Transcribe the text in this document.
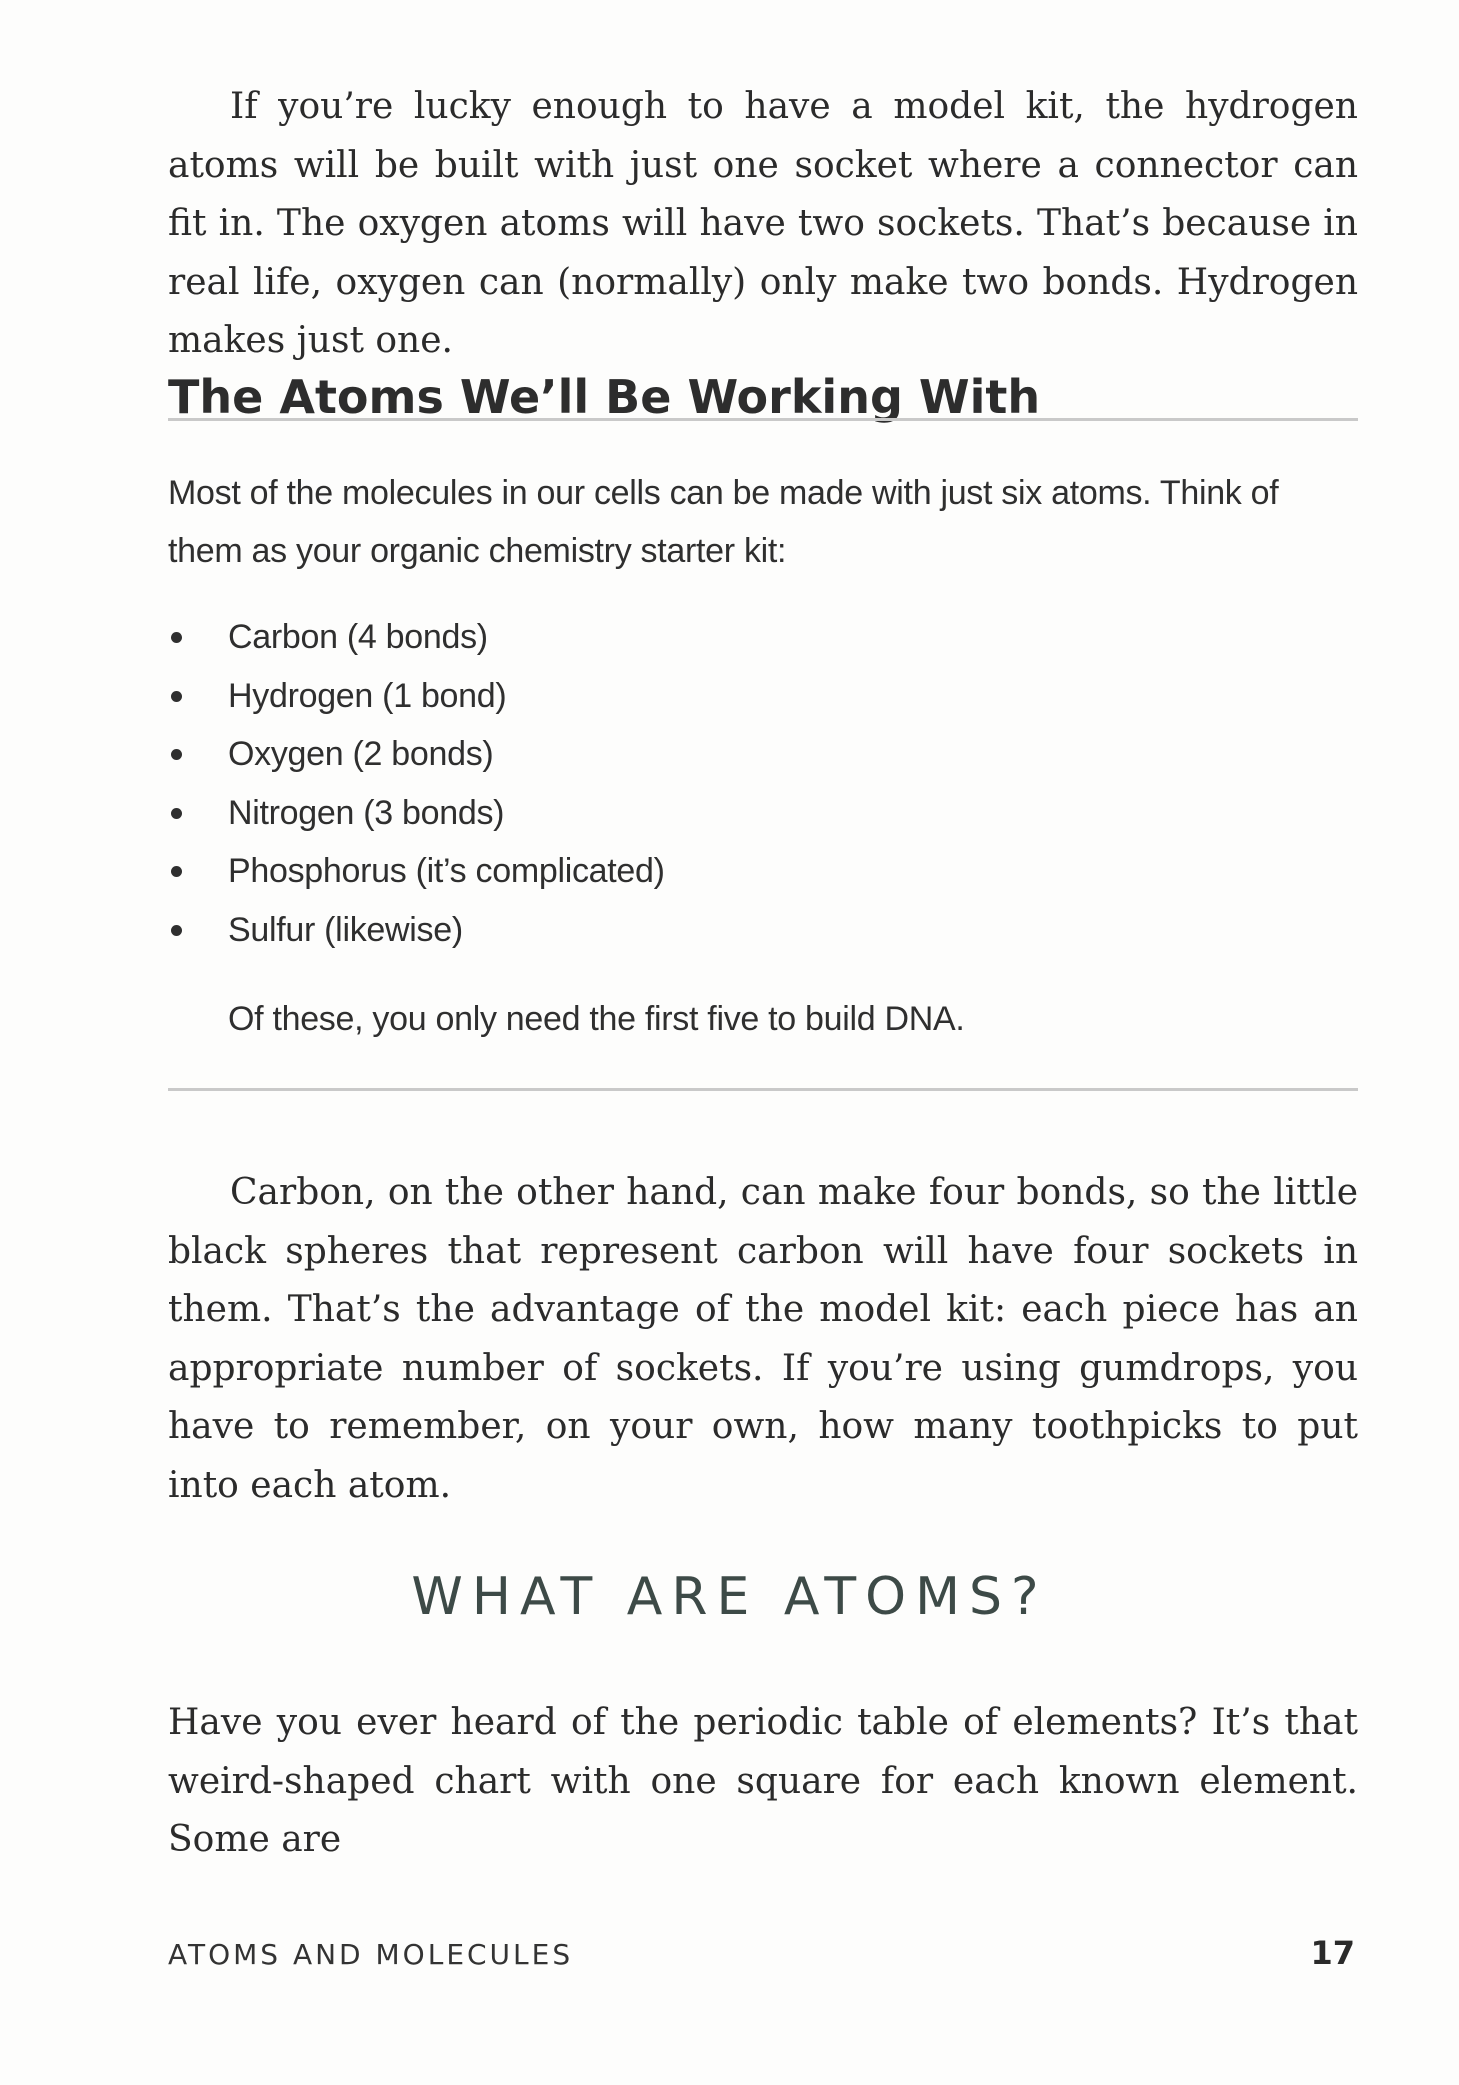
If you’re lucky enough to have a model kit, the hydrogen atoms will be built with just one socket where a connector can fit in. The oxygen atoms will have two sockets. That’s because in real life, oxygen can (normally) only make two bonds. Hydrogen makes just one.

The Atoms We’ll Be Working With

Most of the molecules in our cells can be made with just six atoms. Think of them as your organic chemistry starter kit:

Carbon (4 bonds)
Hydrogen (1 bond)
Oxygen (2 bonds)
Nitrogen (3 bonds)
Phosphorus (it’s complicated)
Sulfur (likewise)

Of these, you only need the first five to build DNA.

Carbon, on the other hand, can make four bonds, so the little black spheres that represent carbon will have four sockets in them. That’s the advantage of the model kit: each piece has an appropriate number of sockets. If you’re using gumdrops, you have to remember, on your own, how many toothpicks to put into each atom.

WHAT ARE ATOMS?

Have you ever heard of the periodic table of elements? It’s that weird-shaped chart with one square for each known element. Some are

ATOMS AND MOLECULES	17
